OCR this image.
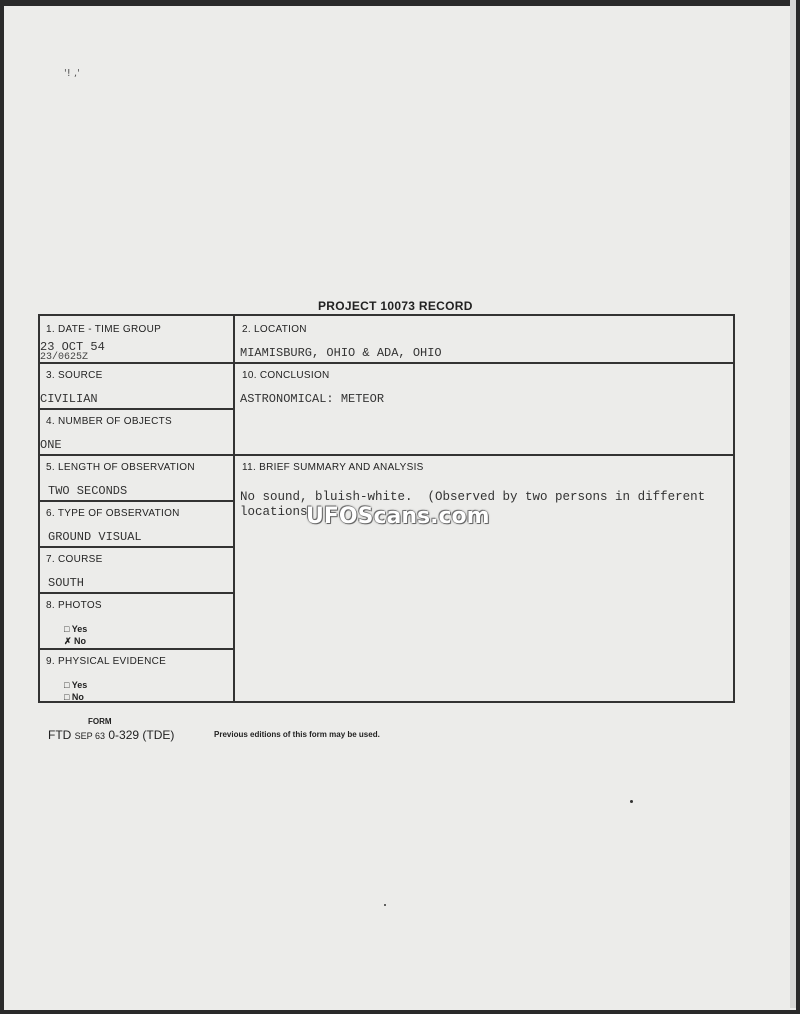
'! ,'
PROJECT 10073 RECORD
1. DATE - TIME GROUP
23 OCT 54
23/0625Z
2. LOCATION
MIAMISBURG, OHIO & ADA, OHIO
3. SOURCE
CIVILIAN
10. CONCLUSION
ASTRONOMICAL: METEOR
4. NUMBER OF OBJECTS
ONE
5. LENGTH OF OBSERVATION
TWO SECONDS
11. BRIEF SUMMARY AND ANALYSIS
No sound, bluish-white.  (Observed by two persons in different
locations.
6. TYPE OF OBSERVATION
GROUND VISUAL
7. COURSE
SOUTH
8. PHOTOS
□ Yes
✗ No
9. PHYSICAL EVIDENCE
□ Yes
□ No
UFOScans.com
FORM
FTD SEP 63 0-329 (TDE)	Previous editions of this form may be used.
